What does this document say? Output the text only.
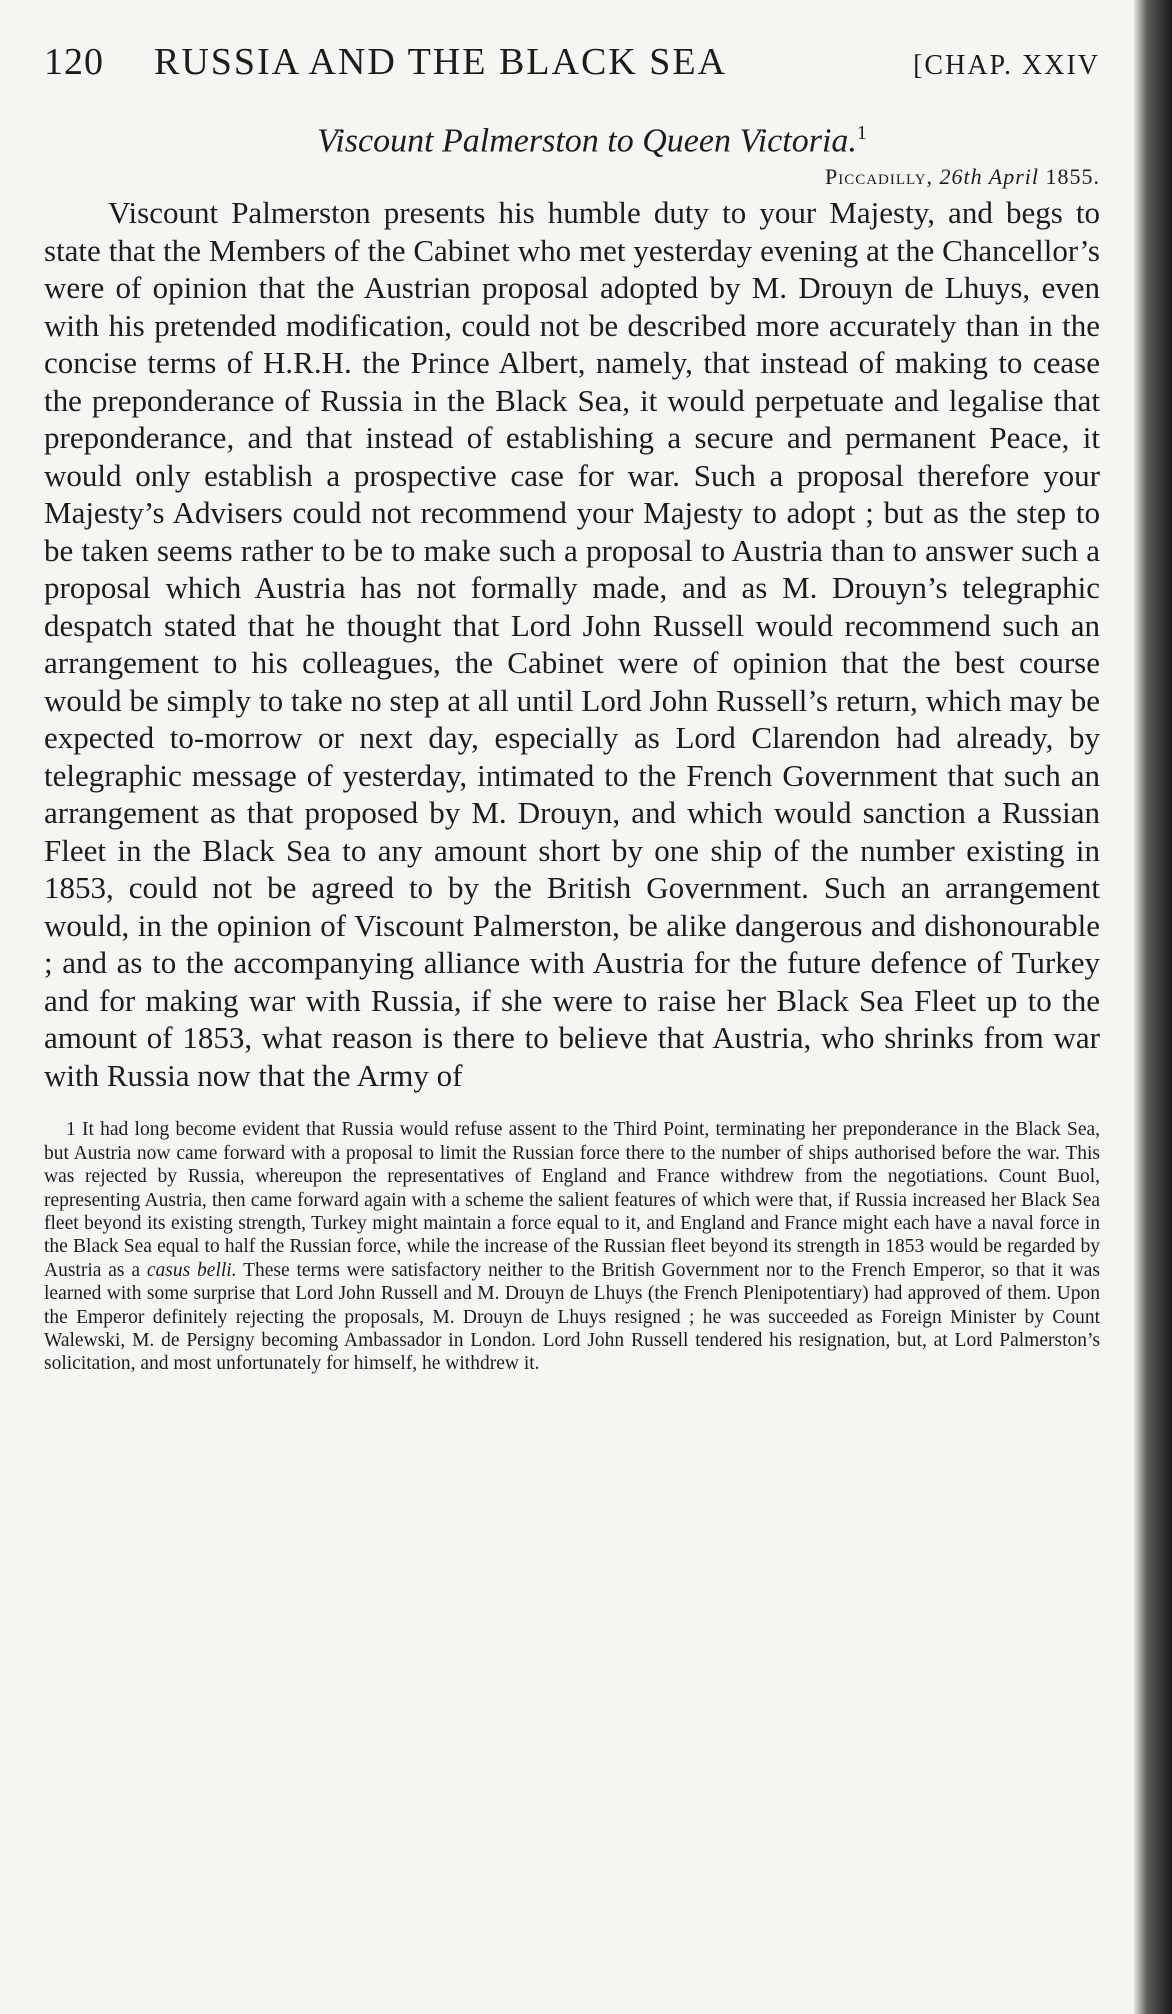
120	RUSSIA AND THE BLACK SEA	[CHAP. XXIV
Viscount Palmerston to Queen Victoria.$^1$
Piccadilly, 26th April 1855.

Viscount Palmerston presents his humble duty to your Majesty, and begs to state that the Members of the Cabinet who met yesterday evening at the Chancellor’s were of opinion that the Austrian proposal adopted by M. Drouyn de Lhuys, even with his pretended modification, could not be described more accurately than in the concise terms of H.R.H. the Prince Albert, namely, that instead of making to cease the preponderance of Russia in the Black Sea, it would perpetuate and legalise that preponderance, and that instead of establishing a secure and permanent Peace, it would only establish a prospective case for war. Such a proposal therefore your Majesty’s Advisers could not recommend your Majesty to adopt ; but as the step to be taken seems rather to be to make such a proposal to Austria than to answer such a proposal which Austria has not formally made, and as M. Drouyn’s telegraphic despatch stated that he thought that Lord John Russell would recommend such an arrangement to his colleagues, the Cabinet were of opinion that the best course would be simply to take no step at all until Lord John Russell’s return, which may be expected to-morrow or next day, especially as Lord Clarendon had already, by telegraphic message of yesterday, intimated to the French Government that such an arrangement as that proposed by M. Drouyn, and which would sanction a Russian Fleet in the Black Sea to any amount short by one ship of the number existing in 1853, could not be agreed to by the British Government. Such an arrangement would, in the opinion of Viscount Palmerston, be alike dangerous and dishonourable ; and as to the accompanying alliance with Austria for the future defence of Turkey and for making war with Russia, if she were to raise her Black Sea Fleet up to the amount of 1853, what reason is there to believe that Austria, who shrinks from war with Russia now that the Army of

1 It had long become evident that Russia would refuse assent to the Third Point, terminating her preponderance in the Black Sea, but Austria now came forward with a proposal to limit the Russian force there to the number of ships authorised before the war. This was rejected by Russia, whereupon the representatives of England and France withdrew from the negotiations. Count Buol, representing Austria, then came forward again with a scheme the salient features of which were that, if Russia increased her Black Sea fleet beyond its existing strength, Turkey might maintain a force equal to it, and England and France might each have a naval force in the Black Sea equal to half the Russian force, while the increase of the Russian fleet beyond its strength in 1853 would be regarded by Austria as a casus belli. These terms were satisfactory neither to the British Government nor to the French Emperor, so that it was learned with some surprise that Lord John Russell and M. Drouyn de Lhuys (the French Plenipotentiary) had approved of them. Upon the Emperor definitely rejecting the proposals, M. Drouyn de Lhuys resigned ; he was succeeded as Foreign Minister by Count Walewski, M. de Persigny becoming Ambassador in London. Lord John Russell tendered his resignation, but, at Lord Palmerston’s solicitation, and most unfortunately for himself, he withdrew it.
